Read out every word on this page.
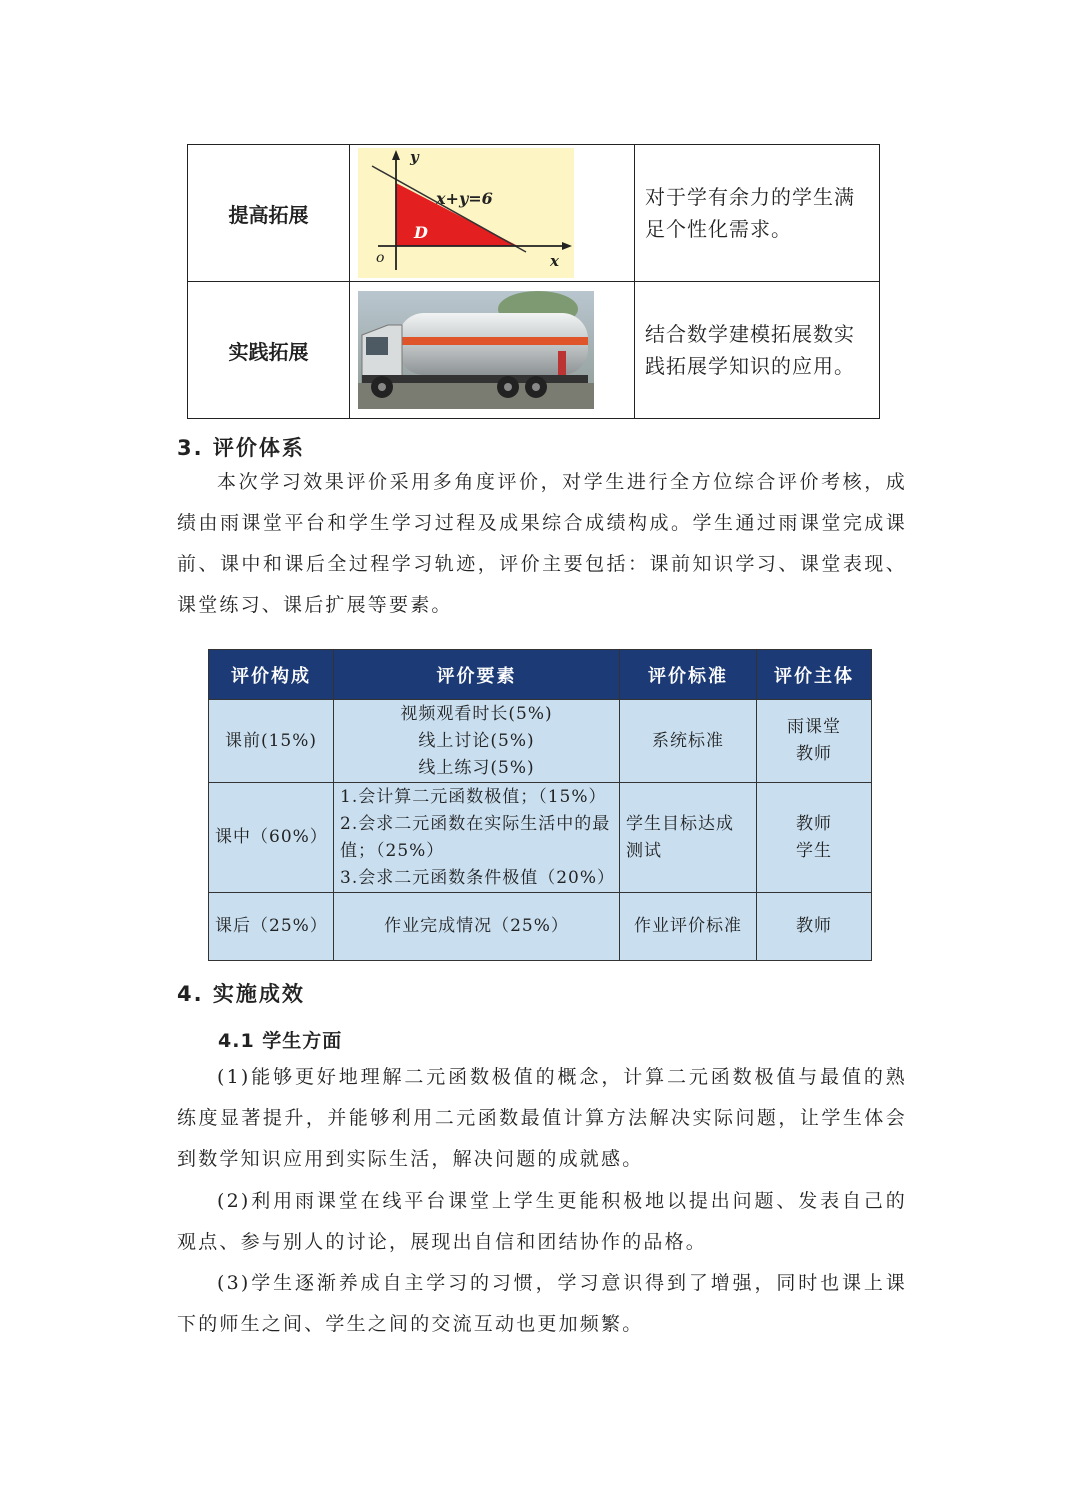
提高拓展	y
x
o
x+y=6
D	对于学有余力的学生满足个性化需求。
实践拓展		结合数学建模拓展数实践拓展学知识的应用。
3. 评价体系

本次学习效果评价采用多角度评价，对学生进行全方位综合评价考核，成绩由雨课堂平台和学生学习过程及成果综合成绩构成。学生通过雨课堂完成课前、课中和课后全过程学习轨迹，评价主要包括：课前知识学习、课堂表现、课堂练习、课后扩展等要素。

评价构成	评价要素	评价标准	评价主体
课前(15%)	视频观看时长(5%)
线上讨论(5%)
线上练习(5%)	系统标准	雨课堂
教师

课中（60%）	1.会计算二元函数极值；（15%）
2.会求二元函数在实际生活中的最值；（25%）
3.会求二元函数条件极值（20%）	学生目标达成测试	教师
学生

课后（25%）	作业完成情况（25%）	作业评价标准	教师
4. 实施成效
4.1 学生方面

(1)能够更好地理解二元函数极值的概念，计算二元函数极值与最值的熟练度显著提升，并能够利用二元函数最值计算方法解决实际问题，让学生体会到数学知识应用到实际生活，解决问题的成就感。

(2)利用雨课堂在线平台课堂上学生更能积极地以提出问题、发表自己的观点、参与别人的讨论，展现出自信和团结协作的品格。

(3)学生逐渐养成自主学习的习惯，学习意识得到了增强，同时也课上课下的师生之间、学生之间的交流互动也更加频繁。
